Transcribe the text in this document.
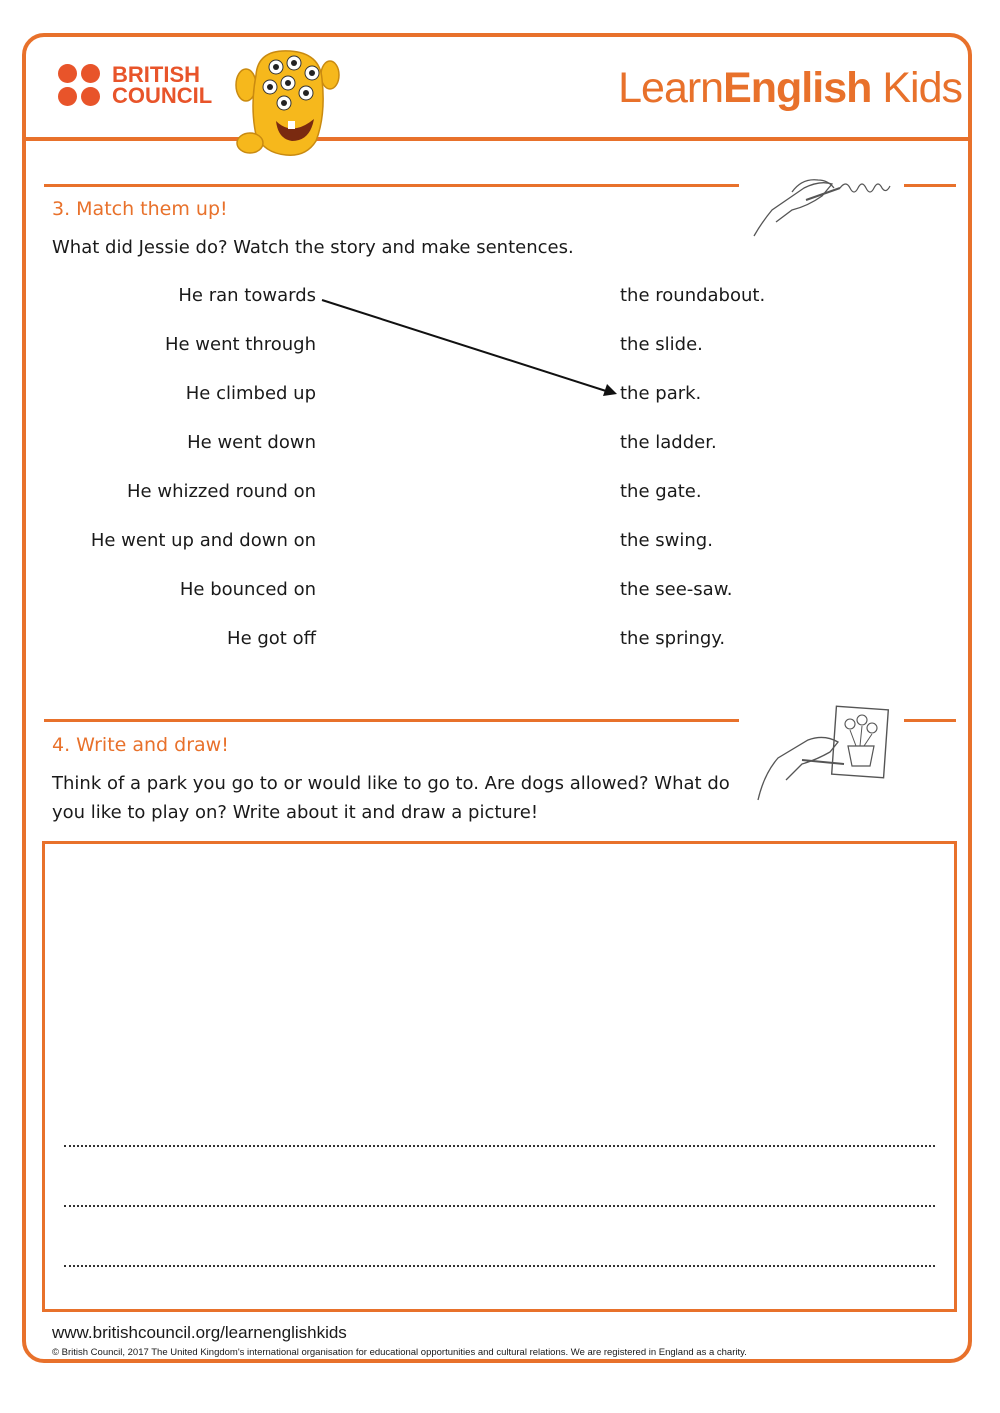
BRITISH
COUNCIL	LearnEnglish Kids
3. Match them up!
What did Jessie do? Watch the story and make sentences.
He ran towards
He went through
He climbed up
He went down
He whizzed round on
He went up and down on
He bounced on
He got off
the roundabout.
the slide.
the park.
the ladder.
the gate.
the swing.
the see-saw.
the springy.
4. Write and draw!
Think of a park you go to or would like to go to. Are dogs allowed? What do
you like to play on? Write about it and draw a picture!
www.britishcouncil.org/learnenglishkids
© British Council, 2017 The United Kingdom's international organisation for educational opportunities and cultural relations. We are registered in England as a charity.
